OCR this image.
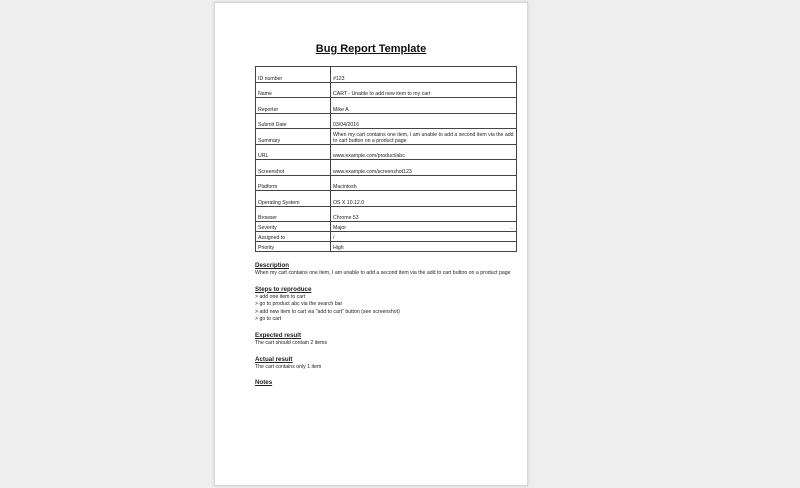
Bug Report Template
ID number	#123
Name	CART - Unable to add new item to my cart
Reporter	Mike A
Submit Date	03/04/2016
Summary	When my cart contains one item, I am unable to add a second item via the add to cart button on a product page
URL	www.example.com/product/abc
Screenshot	www.example.com/screenshot123
Platform	Macintosh
Operating System	OS X 10.12.0
Browser	Chrome 53
Severity	Major ⌄

Assigned to	/
Priority	High
Description
When my cart contains one item, I am unable to add a second item via the add to cart button on a product page
Steps to reproduce
> add one item to cart
> go to product abc via the search bar
> add new item to cart via "add to cart" button (see screenshot)
> go to cart
Expected result
The cart should contain 2 items
Actual result
The cart contains only 1 item
Notes
